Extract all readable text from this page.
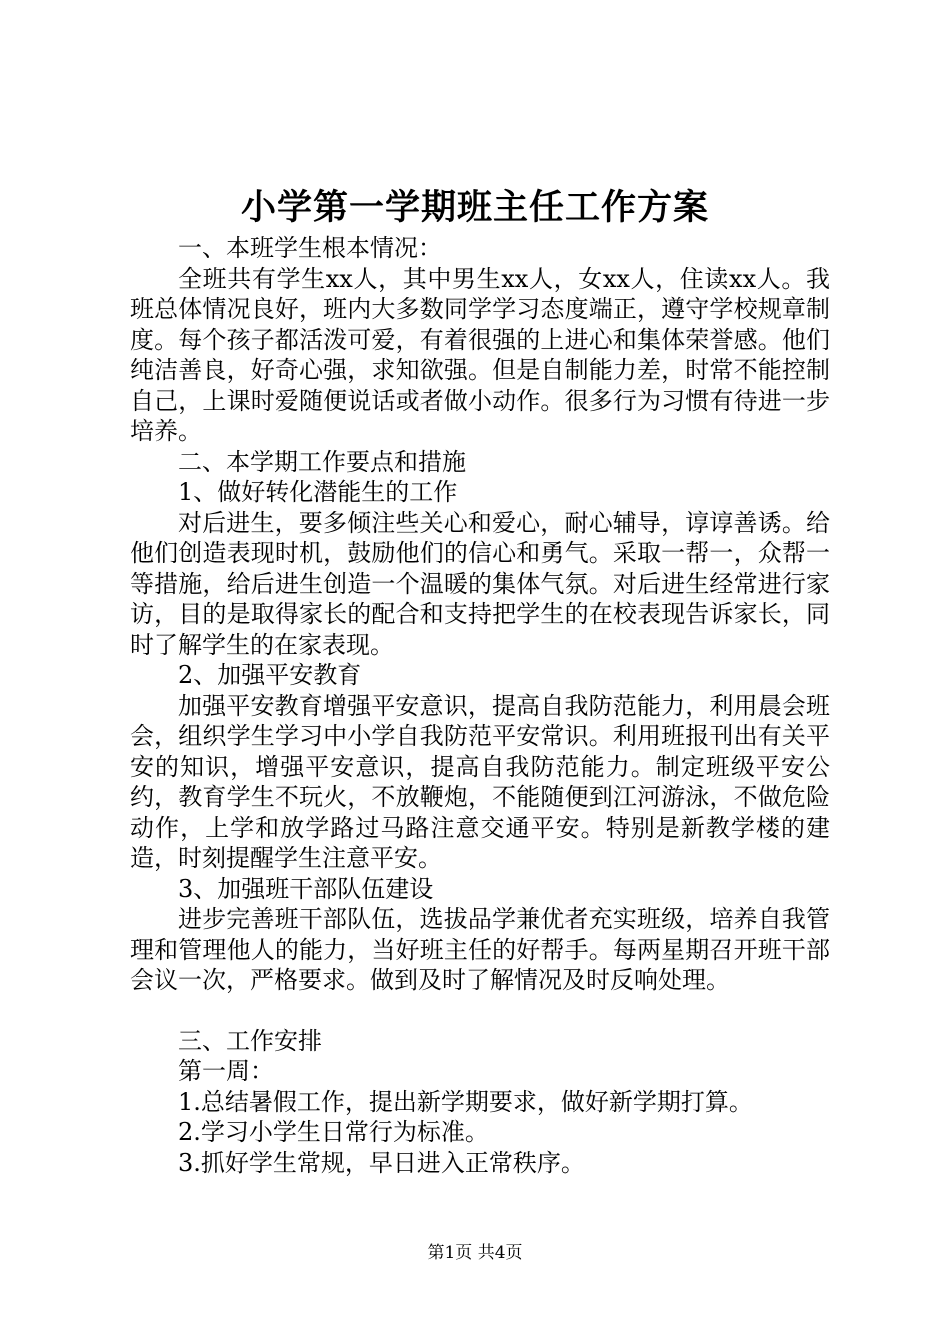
小学第一学期班主任工作方案

一、本班学生根本情况：

全班共有学生xx人，其中男生xx人，女xx人，住读xx人。我班总体情况良好，班内大多数同学学习态度端正，遵守学校规章制度。每个孩子都活泼可爱，有着很强的上进心和集体荣誉感。他们纯洁善良，好奇心强，求知欲强。但是自制能力差，时常不能控制自己，上课时爱随便说话或者做小动作。很多行为习惯有待进一步培养。

二、本学期工作要点和措施

1、做好转化潜能生的工作

对后进生，要多倾注些关心和爱心，耐心辅导，谆谆善诱。给他们创造表现时机，鼓励他们的信心和勇气。采取一帮一，众帮一等措施，给后进生创造一个温暖的集体气氛。对后进生经常进行家访，目的是取得家长的配合和支持把学生的在校表现告诉家长，同时了解学生的在家表现。

2、加强平安教育

加强平安教育增强平安意识，提高自我防范能力，利用晨会班会，组织学生学习中小学自我防范平安常识。利用班报刊出有关平安的知识，增强平安意识，提高自我防范能力。制定班级平安公约，教育学生不玩火，不放鞭炮，不能随便到江河游泳，不做危险动作，上学和放学路过马路注意交通平安。特别是新教学楼的建造，时刻提醒学生注意平安。

3、加强班干部队伍建设

进步完善班干部队伍，选拔品学兼优者充实班级，培养自我管理和管理他人的能力，当好班主任的好帮手。每两星期召开班干部会议一次，严格要求。做到及时了解情况及时反响处理。

三、工作安排

第一周：

1.总结暑假工作，提出新学期要求，做好新学期打算。

2.学习小学生日常行为标准。

3.抓好学生常规，早日进入正常秩序。

第1页 共4页
